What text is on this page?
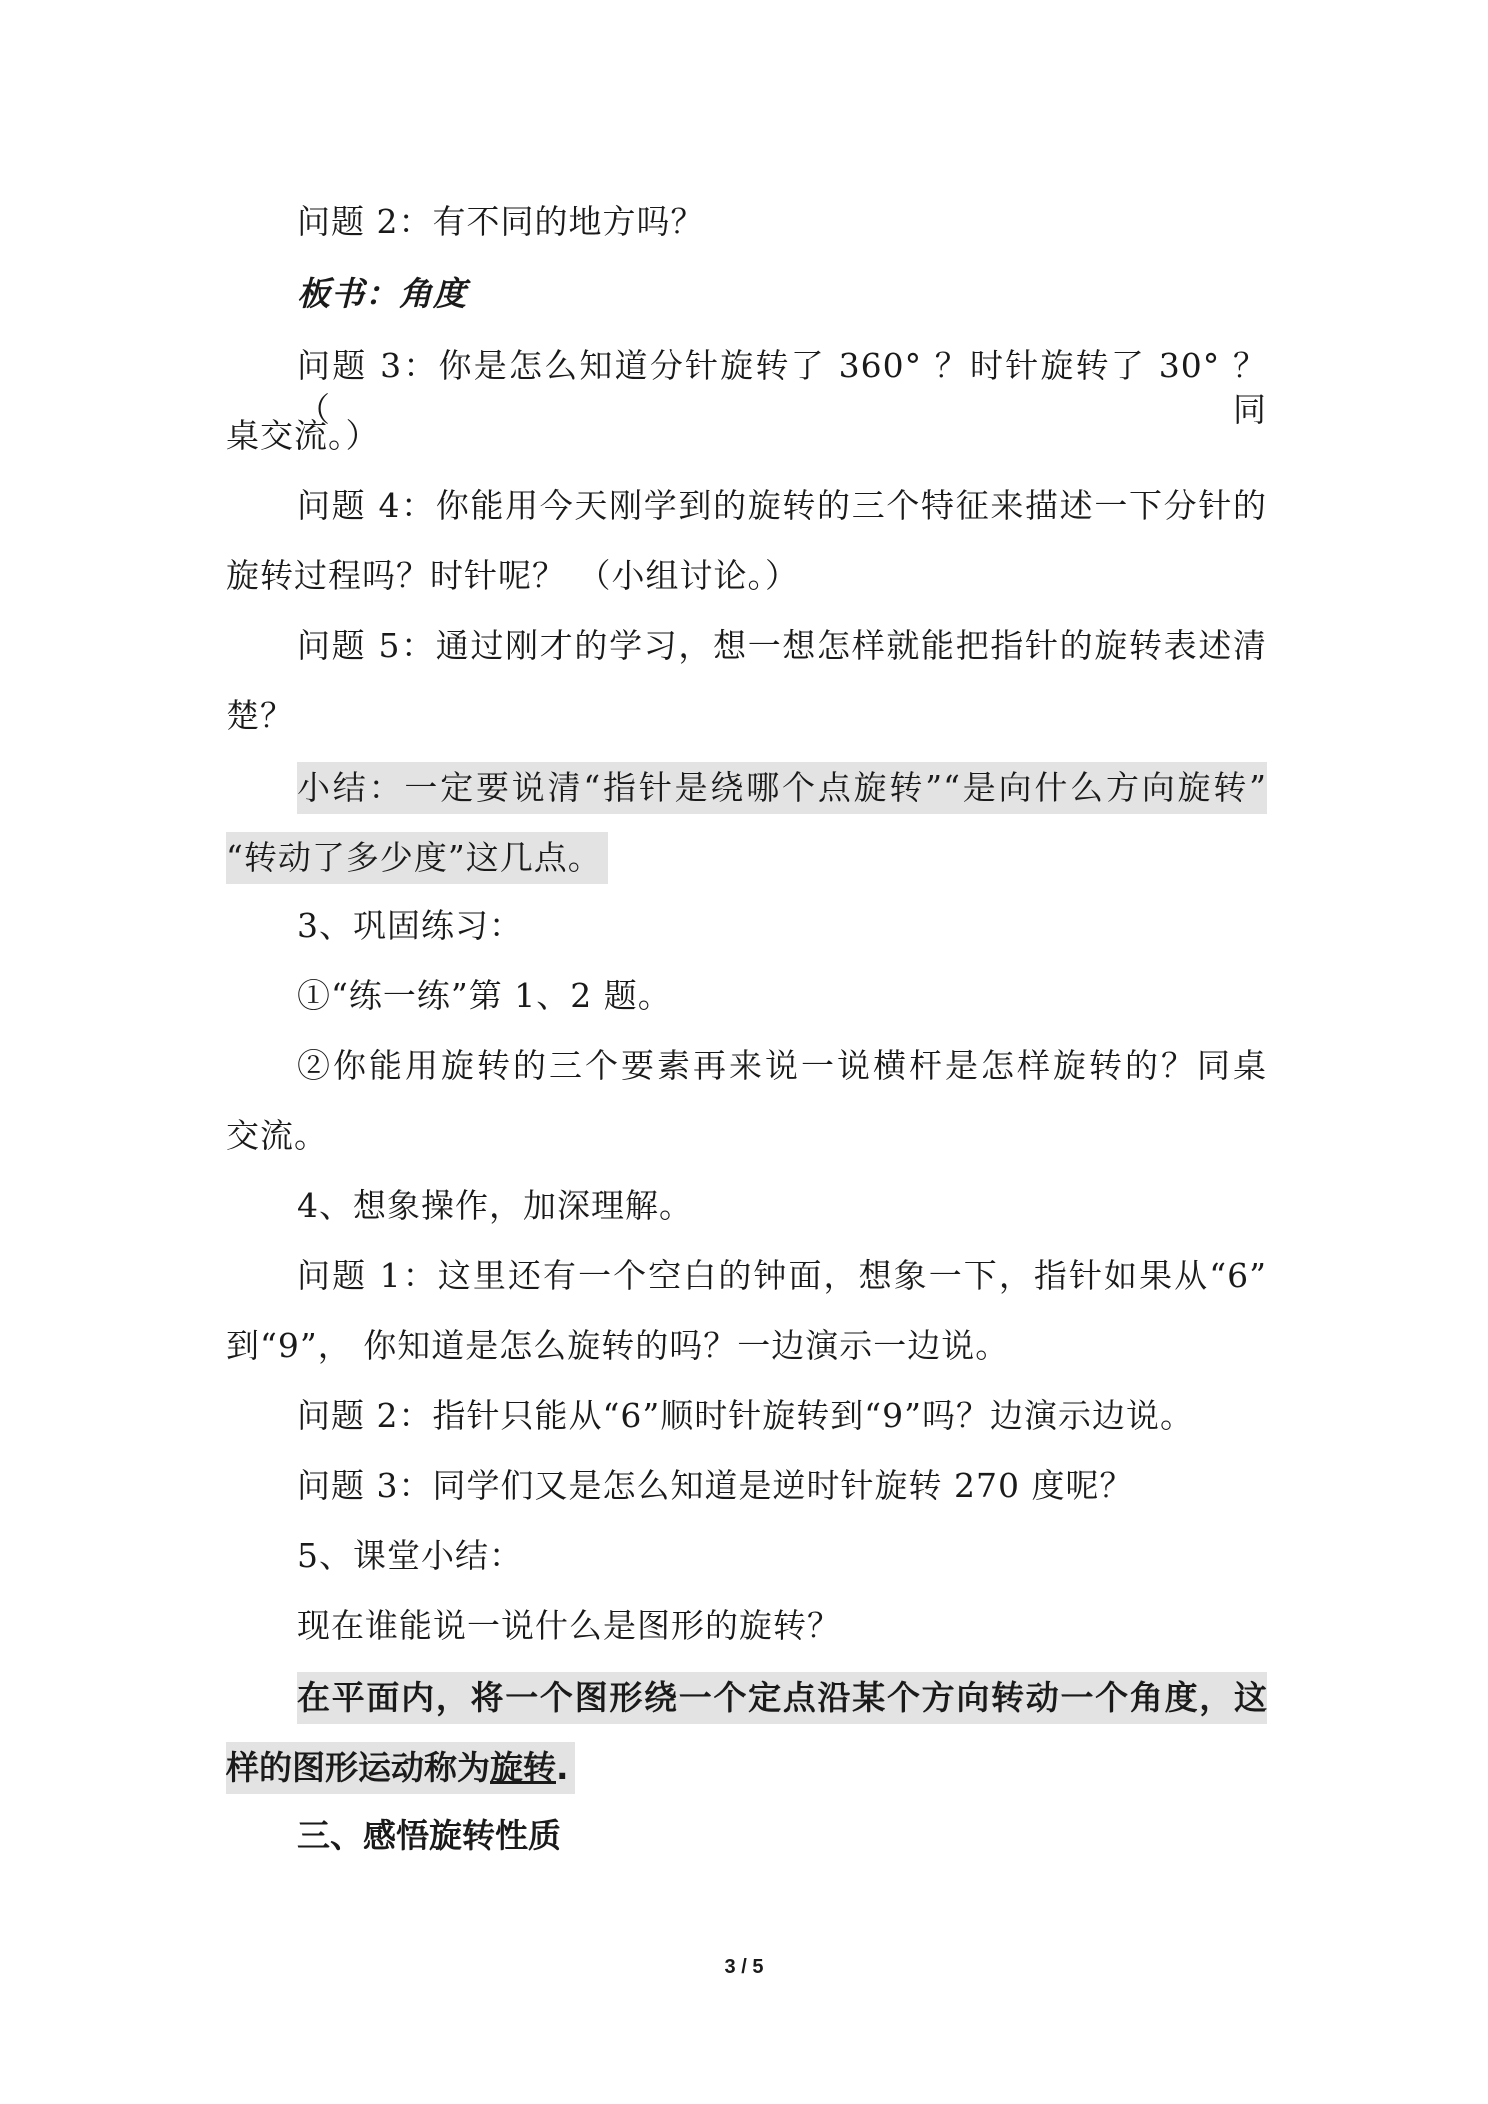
问题 2：有不同的地方吗？
板书：角度
问题 3：你是怎么知道分针旋转了 360° ？时针旋转了 30° ？（同
桌交流。）
问题 4：你能用今天刚学到的旋转的三个特征来描述一下分针的
旋转过程吗？时针呢？ （小组讨论。）
问题 5：通过刚才的学习，想一想怎样就能把指针的旋转表述清
楚？
小结：一定要说清“指针是绕哪个点旋转”“是向什么方向旋转”
“转动了多少度”这几点。
3、巩固练习：
①“练一练”第 1、2 题。
②你能用旋转的三个要素再来说一说横杆是怎样旋转的？同桌
交流。
4、想象操作，加深理解。
问题 1：这里还有一个空白的钟面，想象一下，指针如果从“6”
到“9”， 你知道是怎么旋转的吗？一边演示一边说。
问题 2：指针只能从“6”顺时针旋转到“9”吗？边演示边说。
问题 3：同学们又是怎么知道是逆时针旋转 270 度呢？
5、课堂小结：
现在谁能说一说什么是图形的旋转？
在平面内，将一个图形绕一个定点沿某个方向转动一个角度，这
样的图形运动称为旋转.
三、感悟旋转性质
3 / 5
